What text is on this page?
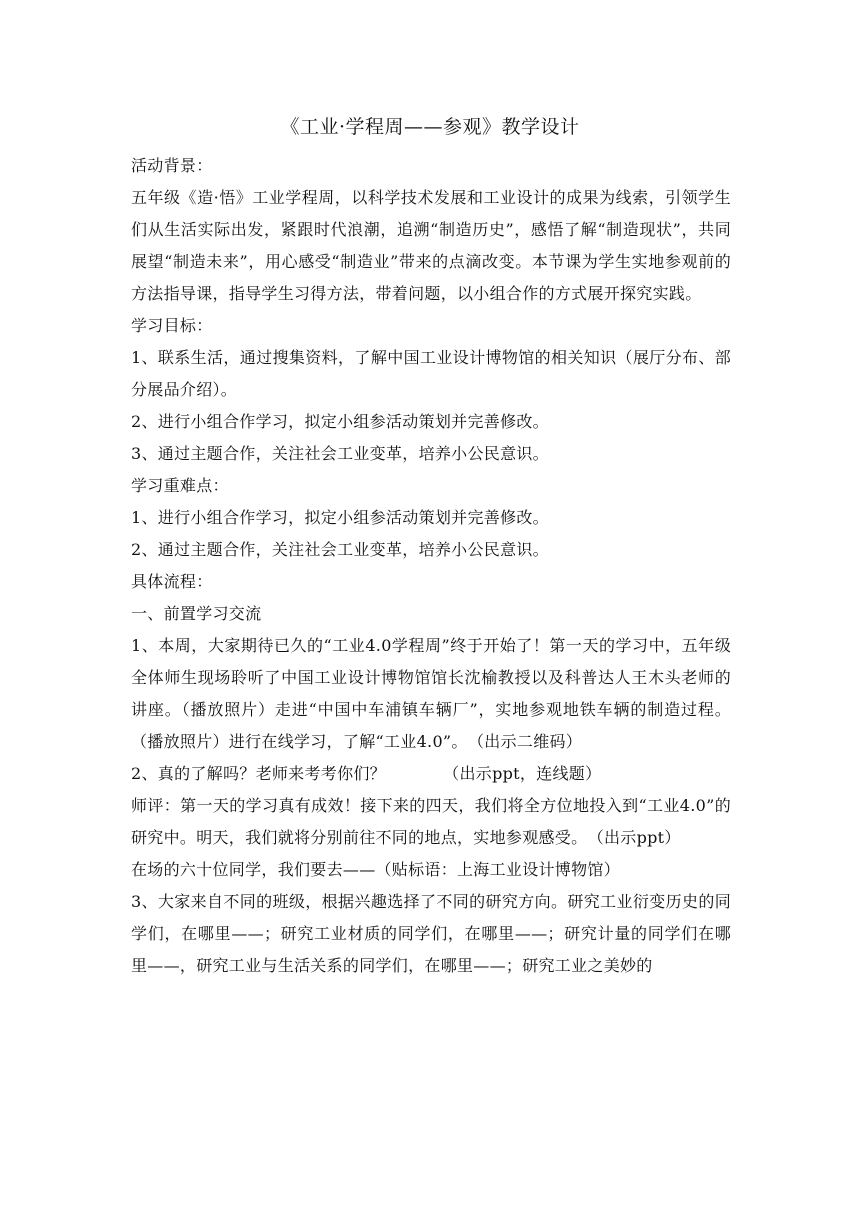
《工业·学程周——参观》教学设计

活动背景：

五年级《造·悟》工业学程周，以科学技术发展和工业设计的成果为线索，引领学生们从生活实际出发，紧跟时代浪潮，追溯“制造历史”，感悟了解“制造现状”，共同展望“制造未来”，用心感受“制造业”带来的点滴改变。本节课为学生实地参观前的方法指导课，指导学生习得方法，带着问题，以小组合作的方式展开探究实践。

学习目标：

1、联系生活，通过搜集资料，了解中国工业设计博物馆的相关知识（展厅分布、部分展品介绍）。

2、进行小组合作学习，拟定小组参活动策划并完善修改。

3、通过主题合作，关注社会工业变革，培养小公民意识。

学习重难点：

1、进行小组合作学习，拟定小组参活动策划并完善修改。

2、通过主题合作，关注社会工业变革，培养小公民意识。

具体流程：

一、前置学习交流

1、本周，大家期待已久的“工业4.0学程周”终于开始了！第一天的学习中，五年级全体师生现场聆听了中国工业设计博物馆馆长沈榆教授以及科普达人王木头老师的讲座。（播放照片）走进“中国中车浦镇车辆厂”，实地参观地铁车辆的制造过程。（播放照片）进行在线学习，了解“工业4.0”。　（出示二维码）

2、真的了解吗？老师来考考你们？　　　　（出示ppt，连线题）

师评：第一天的学习真有成效！接下来的四天，我们将全方位地投入到“工业4.0”的研究中。明天，我们就将分别前往不同的地点，实地参观感受。　（出示ppt）

在场的六十位同学，我们要去——（贴标语：上海工业设计博物馆）

3、大家来自不同的班级，根据兴趣选择了不同的研究方向。研究工业衍变历史的同学们，在哪里——；研究工业材质的同学们，在哪里——；研究计量的同学们在哪里——，研究工业与生活关系的同学们，在哪里——；研究工业之美妙的
